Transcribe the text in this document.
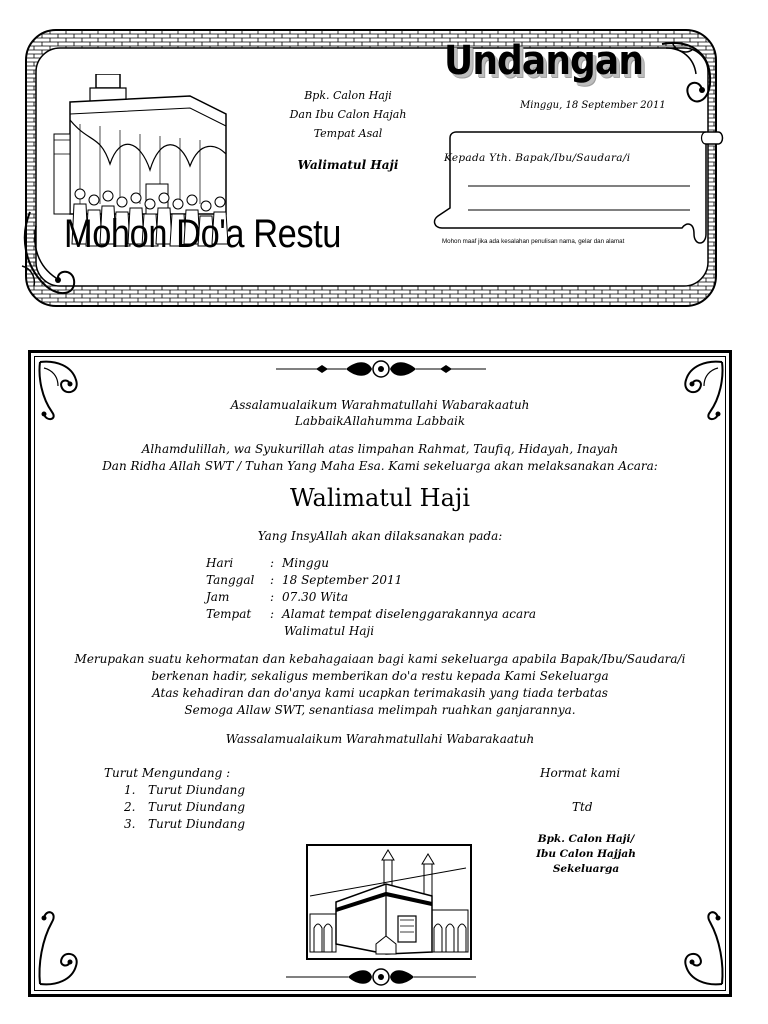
Bpk. Calon Haji
Dan Ibu Calon Hajah
Tempat Asal
Walimatul Haji
Mohon Do'a Restu
Undangan
Minggu, 18 September 2011
Kepada Yth. Bapak/Ibu/Saudara/i
Mohon maaf jika ada kesalahan penulisan nama, gelar dan alamat
Assalamualaikum Warahmatullahi Wabarakaatuh
LabbaikAllahumma Labbaik
Alhamdulillah, wa Syukurillah atas limpahan Rahmat, Taufiq, Hidayah, Inayah
Dan Ridha Allah SWT / Tuhan Yang Maha Esa. Kami sekeluarga akan melaksanakan Acara:
Walimatul Haji
Yang InsyAllah akan dilaksanakan pada:
Hari	: Minggu
Tanggal : 18 September 2011
Jam	: 07.30 Wita
Tempat : Alamat tempat diselenggarakannya acara
Walimatul Haji
Merupakan suatu kehormatan dan kebahagaiaan bagi kami sekeluarga apabila Bapak/Ibu/Saudara/i
berkenan hadir, sekaligus memberikan do'a restu kepada Kami Sekeluarga
Atas kehadiran dan do'anya kami ucapkan terimakasih yang tiada terbatas
Semoga Allaw SWT, senantiasa melimpah ruahkan ganjarannya.
Wassalamualaikum Warahmatullahi Wabarakaatuh
Turut Mengundang :
1. Turut Diundang
2. Turut Diundang
3. Turut Diundang
Hormat kami
Ttd
Bpk. Calon Haji/
Ibu Calon Hajjah
Sekeluarga
